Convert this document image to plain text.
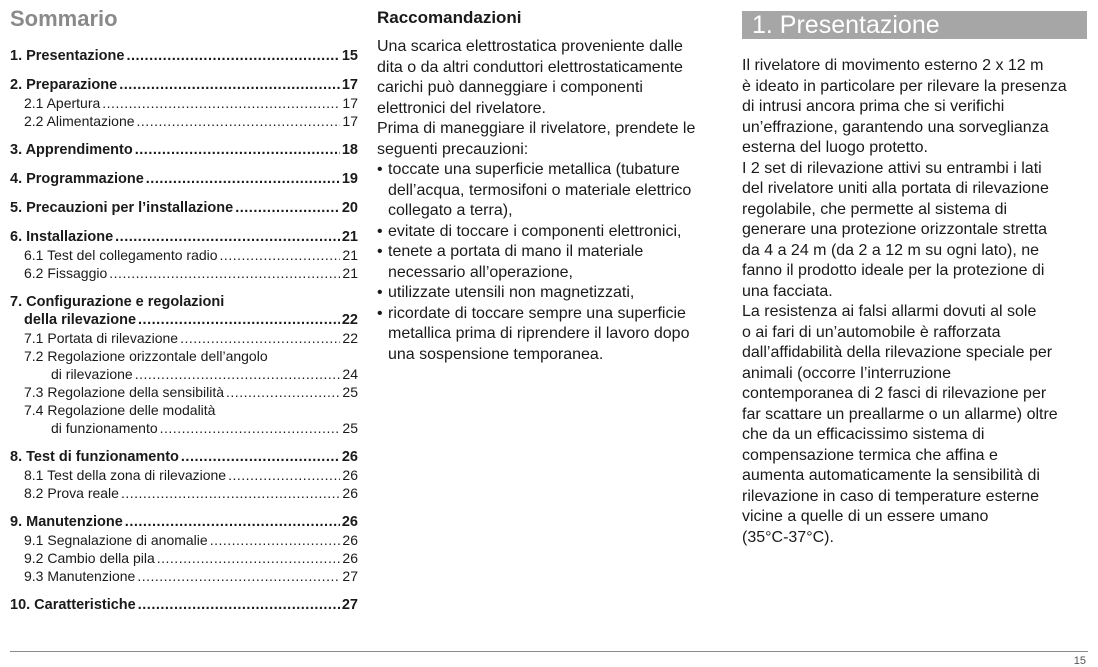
Sommario
1. Presentazione .....	15
2. Preparazione .....	17
2.1 Apertura .....	17
2.2 Alimentazione .....	17
3. Apprendimento .....	18
4. Programmazione .....	19
5. Precauzioni per l’installazione .....	20
6. Installazione .....	21
6.1 Test del collegamento radio .....	21
6.2 Fissaggio .....	21
7. Configurazione e regolazioni
della rilevazione .....	22
7.1 Portata di rilevazione .....	22
7.2 Regolazione orizzontale dell’angolo
di rilevazione .....	24
7.3 Regolazione della sensibilità .....	25
7.4 Regolazione delle modalità
di funzionamento .....	25
8. Test di funzionamento .....	26
8.1 Test della zona di rilevazione .....	26
8.2 Prova reale .....	26
9. Manutenzione .....	26
9.1 Segnalazione di anomalie .....	26
9.2 Cambio della pila .....	26
9.3 Manutenzione .....	27
10. Caratteristiche .....	27
Raccomandazioni

Una scarica elettrostatica proveniente dalle

dita o da altri conduttori elettrostaticamente

carichi può danneggiare i componenti

elettronici del rivelatore.

Prima di maneggiare il rivelatore, prendete le

seguenti precauzioni:

• toccate una superficie metallica (tubature
dell’acqua, termosifoni o materiale elettrico
collegato a terra),
• evitate di toccare i componenti elettronici,
• tenete a portata di mano il materiale
necessario all’operazione,
• utilizzate utensili non magnetizzati,
• ricordate di toccare sempre una superficie
metallica prima di riprendere il lavoro dopo
una sospensione temporanea.
1. Presentazione

Il rivelatore di movimento esterno 2 x 12 m

è ideato in particolare per rilevare la presenza

di intrusi ancora prima che si verifichi

un’effrazione, garantendo una sorveglianza

esterna del luogo protetto.

I 2 set di rilevazione attivi su entrambi i lati

del rivelatore uniti alla portata di rilevazione

regolabile, che permette al sistema di

generare una protezione orizzontale stretta

da 4 a 24 m (da 2 a 12 m su ogni lato), ne

fanno il prodotto ideale per la protezione di

una facciata.

La resistenza ai falsi allarmi dovuti al sole

o ai fari di un’automobile è rafforzata

dall’affidabilità della rilevazione speciale per

animali (occorre l’interruzione

contemporanea di 2 fasci di rilevazione per

far scattare un preallarme o un allarme) oltre

che da un efficacissimo sistema di

compensazione termica che affina e

aumenta automaticamente la sensibilità di

rilevazione in caso di temperature esterne

vicine a quelle di un essere umano

(35°C-37°C).

15
